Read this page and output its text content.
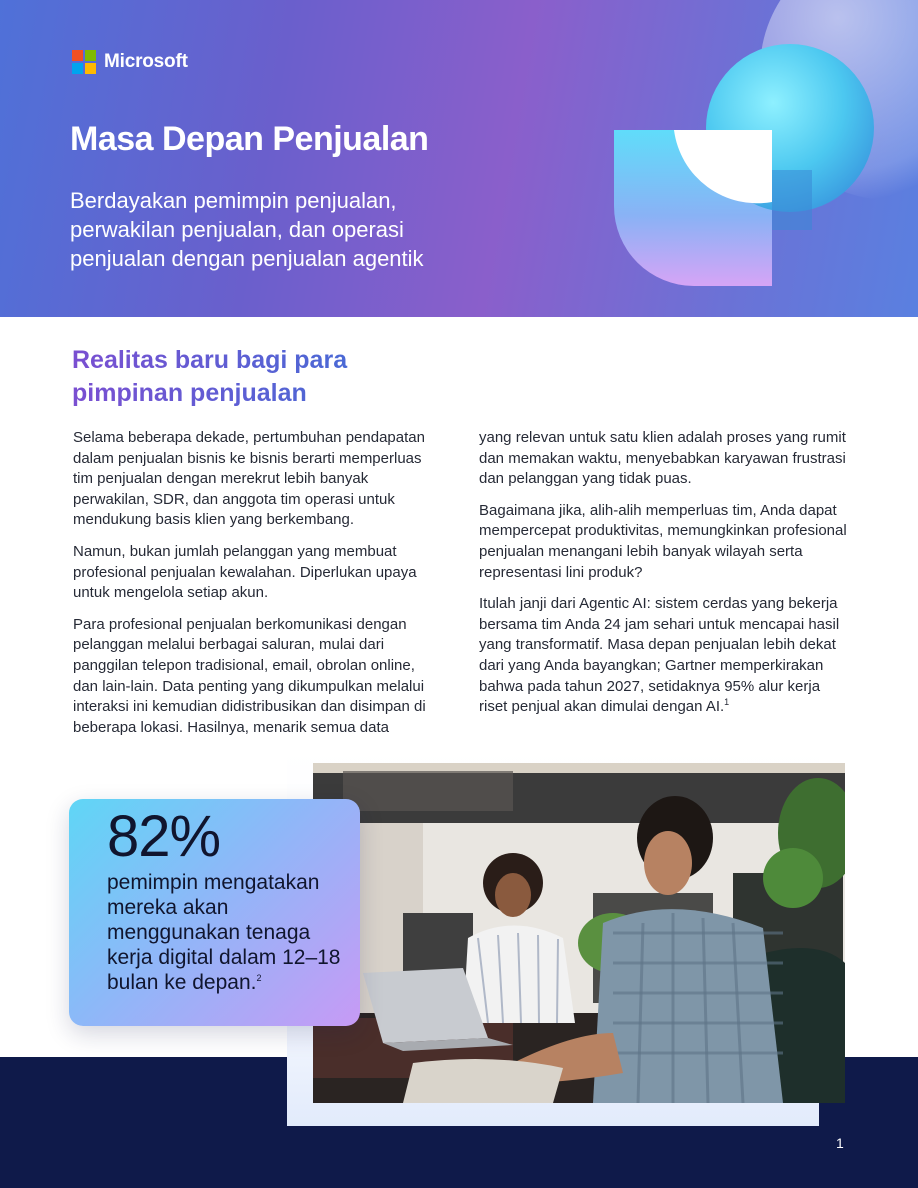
Microsoft
Masa Depan Penjualan

Berdayakan pemimpin penjualan, perwakilan penjualan, dan operasi penjualan dengan penjualan agentik

Realitas baru bagi para pimpinan penjualan

Selama beberapa dekade, pertumbuhan pendapatan dalam penjualan bisnis ke bisnis berarti memperluas tim penjualan dengan merekrut lebih banyak perwakilan, SDR, dan anggota tim operasi untuk mendukung basis klien yang berkembang.

Namun, bukan jumlah pelanggan yang membuat profesional penjualan kewalahan. Diperlukan upaya untuk mengelola setiap akun.

Para profesional penjualan berkomunikasi dengan pelanggan melalui berbagai saluran, mulai dari panggilan telepon tradisional, email, obrolan online, dan lain-lain. Data penting yang dikumpulkan melalui interaksi ini kemudian didistribusikan dan disimpan di beberapa lokasi. Hasilnya, menarik semua data

yang relevan untuk satu klien adalah proses yang rumit dan memakan waktu, menyebabkan karyawan frustrasi dan pelanggan yang tidak puas.

Bagaimana jika, alih-alih memperluas tim, Anda dapat mempercepat produktivitas, memungkinkan profesional penjualan menangani lebih banyak wilayah serta representasi lini produk?

Itulah janji dari Agentic AI: sistem cerdas yang bekerja bersama tim Anda 24 jam sehari untuk mencapai hasil yang transformatif. Masa depan penjualan lebih dekat dari yang Anda bayangkan; Gartner memperkirakan bahwa pada tahun 2027, setidaknya 95% alur kerja riset penjual akan dimulai dengan AI.$^1$

82%
pemimpin mengatakan mereka akan menggunakan tenaga kerja digital dalam 12–18 bulan ke depan.$^2$
1
